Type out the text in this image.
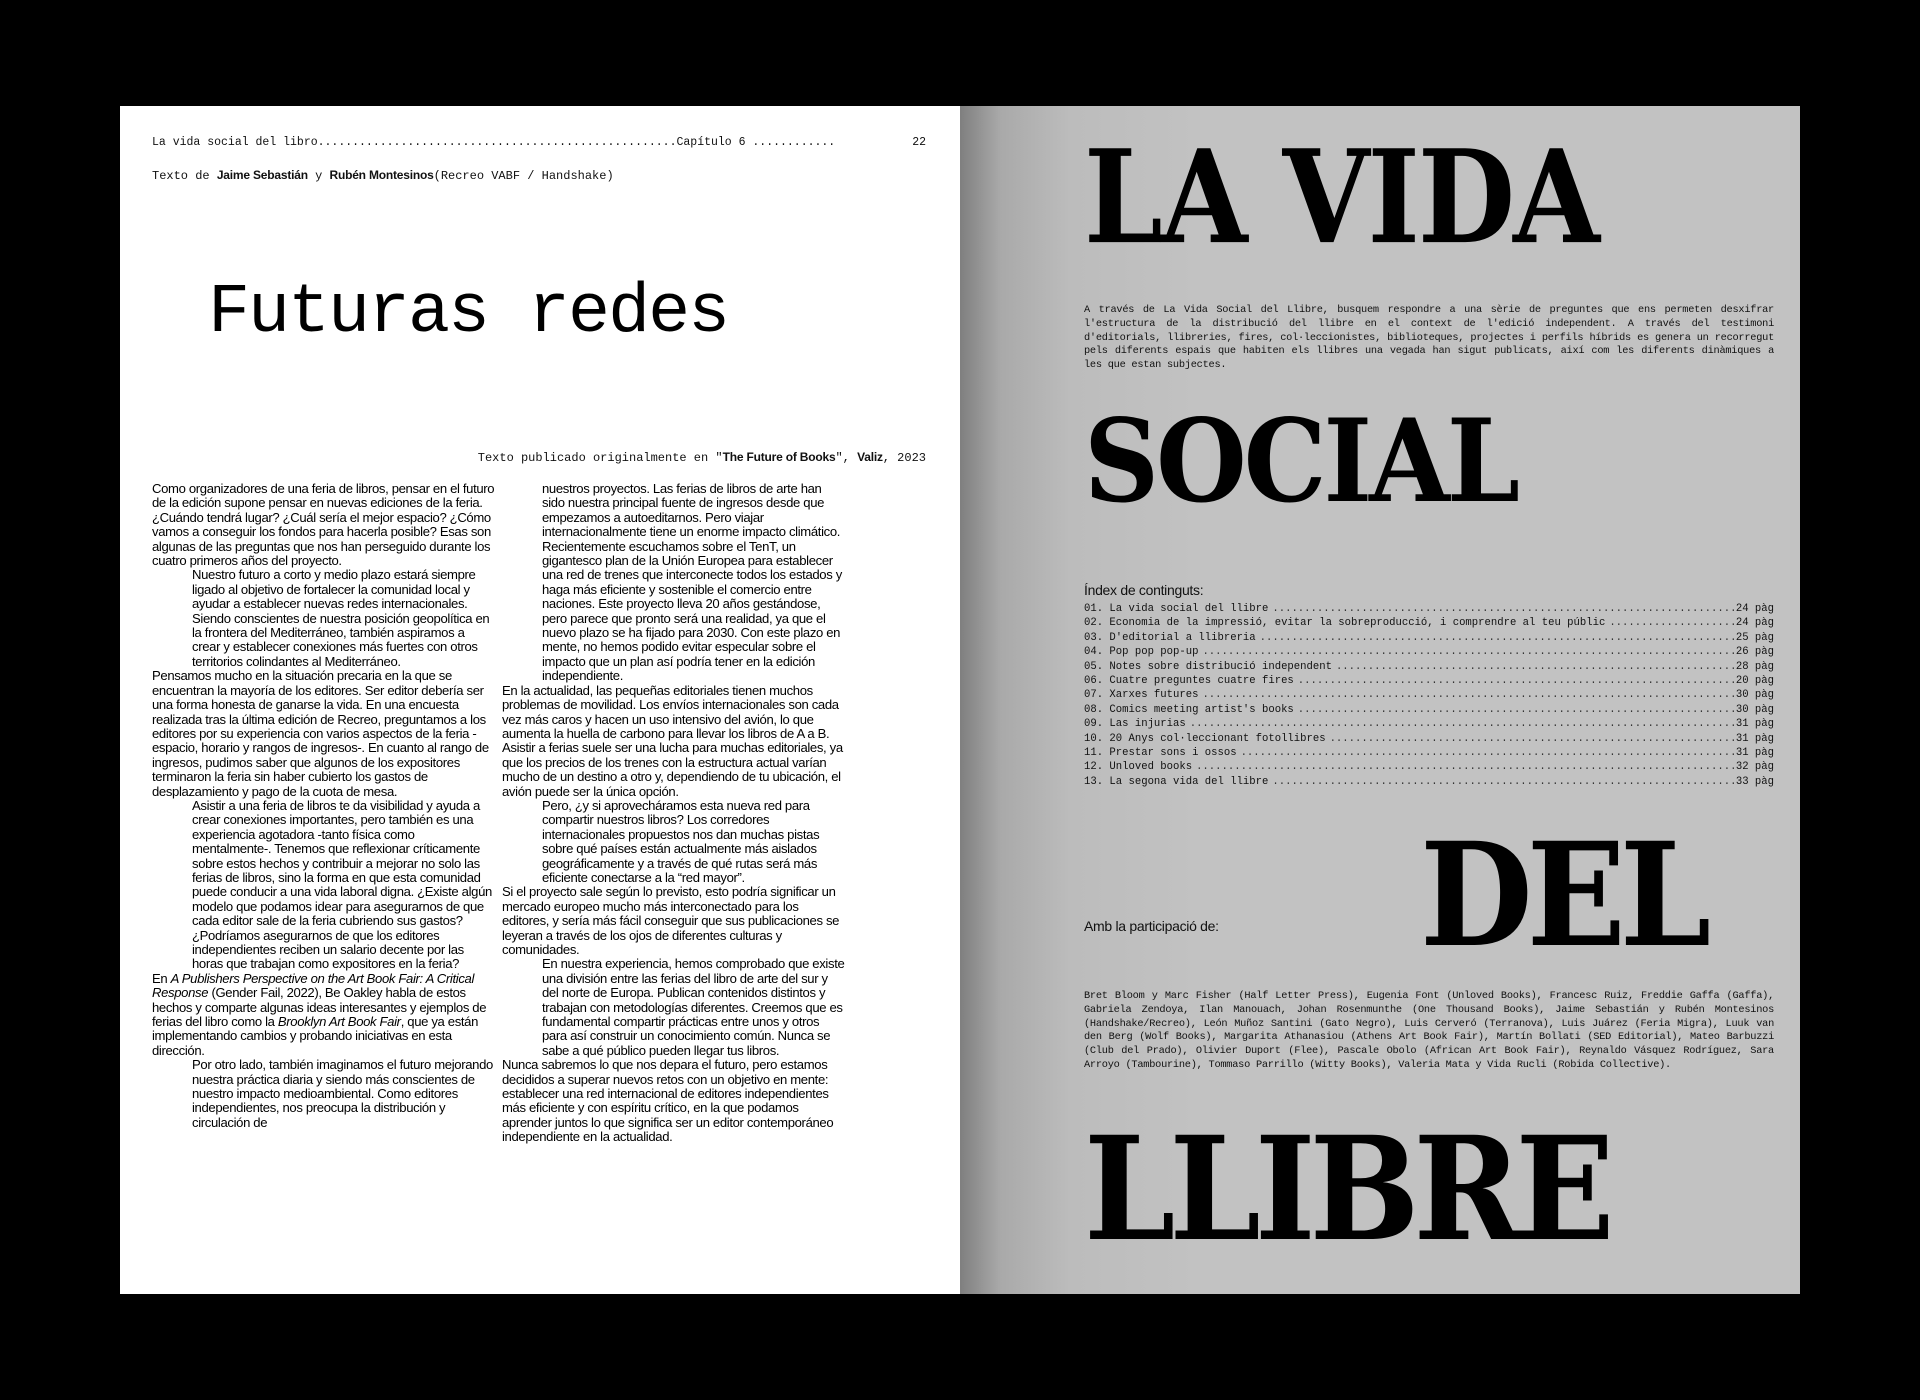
La vida social del libro....................................................Capítulo 6 ............	22
Texto de Jaime Sebastián y Rubén Montesinos(Recreo VABF / Handshake)
Futuras redes
Texto publicado originalmente en "The Future of Books", Valiz, 2023

Como organizadores de una feria de libros, pensar en el futuro de la edición supone pensar en nuevas ediciones de la feria. ¿Cuándo tendrá lugar? ¿Cuál sería el mejor espacio? ¿Cómo vamos a conseguir los fondos para hacerla posible? Esas son algunas de las preguntas que nos han perseguido durante los cuatro primeros años del proyecto.

Nuestro futuro a corto y medio plazo estará siempre ligado al objetivo de fortalecer la comunidad local y ayudar a establecer nuevas redes internacionales. Siendo conscientes de nuestra posición geopolítica en la frontera del Mediterráneo, también aspiramos a crear y establecer conexiones más fuertes con otros territorios colindantes al Mediterráneo.

Pensamos mucho en la situación precaria en la que se encuentran la mayoría de los editores. Ser editor debería ser una forma honesta de ganarse la vida. En una encuesta realizada tras la última edición de Recreo, preguntamos a los editores por su experiencia con varios aspectos de la feria -espacio, horario y rangos de ingresos-. En cuanto al rango de ingresos, pudimos saber que algunos de los expositores terminaron la feria sin haber cubierto los gastos de desplazamiento y pago de la cuota de mesa.

Asistir a una feria de libros te da visibilidad y ayuda a crear conexiones importantes, pero también es una experiencia agotadora -tanto física como mentalmente-. Tenemos que reflexionar críticamente sobre estos hechos y contribuir a mejorar no solo las ferias de libros, sino la forma en que esta comunidad puede conducir a una vida laboral digna. ¿Existe algún modelo que podamos idear para asegurarnos de que cada editor sale de la feria cubriendo sus gastos? ¿Podríamos asegurarnos de que los editores independientes reciben un salario decente por las horas que trabajan como expositores en la feria?

En A Publishers Perspective on the Art Book Fair: A Critical Response (Gender Fail, 2022), Be Oakley habla de estos hechos y comparte algunas ideas interesantes y ejemplos de ferias del libro como la Brooklyn Art Book Fair, que ya están implementando cambios y probando iniciativas en esta dirección.

Por otro lado, también imaginamos el futuro mejorando nuestra práctica diaria y siendo más conscientes de nuestro impacto medioambiental. Como editores independientes, nos preocupa la distribución y circulación de

nuestros proyectos. Las ferias de libros de arte han sido nuestra principal fuente de ingresos desde que empezamos a autoeditarnos. Pero viajar internacionalmente tiene un enorme impacto climático. Recientemente escuchamos sobre el TenT, un gigantesco plan de la Unión Europea para establecer una red de trenes que interconecte todos los estados y haga más eficiente y sostenible el comercio entre naciones. Este proyecto lleva 20 años gestándose, pero parece que pronto será una realidad, ya que el nuevo plazo se ha fijado para 2030. Con este plazo en mente, no hemos podido evitar especular sobre el impacto que un plan así podría tener en la edición independiente.

En la actualidad, las pequeñas editoriales tienen muchos problemas de movilidad. Los envíos internacionales son cada vez más caros y hacen un uso intensivo del avión, lo que aumenta la huella de carbono para llevar los libros de A a B. Asistir a ferias suele ser una lucha para muchas editoriales, ya que los precios de los trenes con la estructura actual varían mucho de un destino a otro y, dependiendo de tu ubicación, el avión puede ser la única opción.

Pero, ¿y si aprovecháramos esta nueva red para compartir nuestros libros? Los corredores internacionales propuestos nos dan muchas pistas sobre qué países están actualmente más aislados geográficamente y a través de qué rutas será más eficiente conectarse a la “red mayor”.

Si el proyecto sale según lo previsto, esto podría significar un mercado europeo mucho más interconectado para los editores, y sería más fácil conseguir que sus publicaciones se leyeran a través de los ojos de diferentes culturas y comunidades.

En nuestra experiencia, hemos comprobado que existe una división entre las ferias del libro de arte del sur y del norte de Europa. Publican contenidos distintos y trabajan con metodologías diferentes. Creemos que es fundamental compartir prácticas entre unos y otros para así construir un conocimiento común. Nunca se sabe a qué público pueden llegar tus libros.

Nunca sabremos lo que nos depara el futuro, pero estamos decididos a superar nuevos retos con un objetivo en mente: establecer una red internacional de editores independientes más eficiente y con espíritu crítico, en la que podamos aprender juntos lo que significa ser un editor contemporáneo independiente en la actualidad.

LA VIDA
A través de La Vida Social del Llibre, busquem respondre a una sèrie de preguntes que ens permeten desxifrar l'estructura de la distribució del llibre en el context de l'edició independent. A través del testimoni d'editorials, llibreries, fires, col·leccionistes, biblioteques, projectes i perfils híbrids es genera un recorregut pels diferents espais que habiten els llibres una vegada han sigut publicats, així com les diferents dinàmiques a les que estan subjectes.
SOCIAL
Índex de continguts:
01. La vida social del llibre .....	24 pàg
02. Economia de la impressió, evitar la sobreproducció, i comprendre al teu públic .....	24 pàg
03. D'editorial a llibreria .....	25 pàg
04. Pop pop pop-up .....	26 pàg
05. Notes sobre distribució independent .....	28 pàg
06. Cuatre preguntes cuatre fires .....	20 pàg
07. Xarxes futures .....	30 pàg
08. Comics meeting artist's books .....	30 pàg
09. Las injurias .....	31 pàg
10. 20 Anys col·leccionant fotollibres .....	31 pàg
11. Prestar sons i ossos .....	31 pàg
12. Unloved books .....	32 pàg
13. La segona vida del llibre .....	33 pàg
Amb la participació de: DEL
Bret Bloom y Marc Fisher (Half Letter Press), Eugenia Font (Unloved Books), Francesc Ruiz, Freddie Gaffa (Gaffa), Gabriela Zendoya, Ilan Manouach, Johan Rosenmunthe (One Thousand Books), Jaime Sebastián y Rubén Montesinos (Handshake/Recreo), León Muñoz Santini (Gato Negro), Luis Cerveró (Terranova), Luis Juárez (Feria Migra), Luuk van den Berg (Wolf Books), Margarita Athanasiou (Athens Art Book Fair), Martín Bollati (SED Editorial), Mateo Barbuzzi (Club del Prado), Olivier Duport (Flee), Pascale Obolo (African Art Book Fair), Reynaldo Vásquez Rodríguez, Sara Arroyo (Tambourine), Tommaso Parrillo (Witty Books), Valeria Mata y Vida Rucli (Robida Collective).
LLIBRE
